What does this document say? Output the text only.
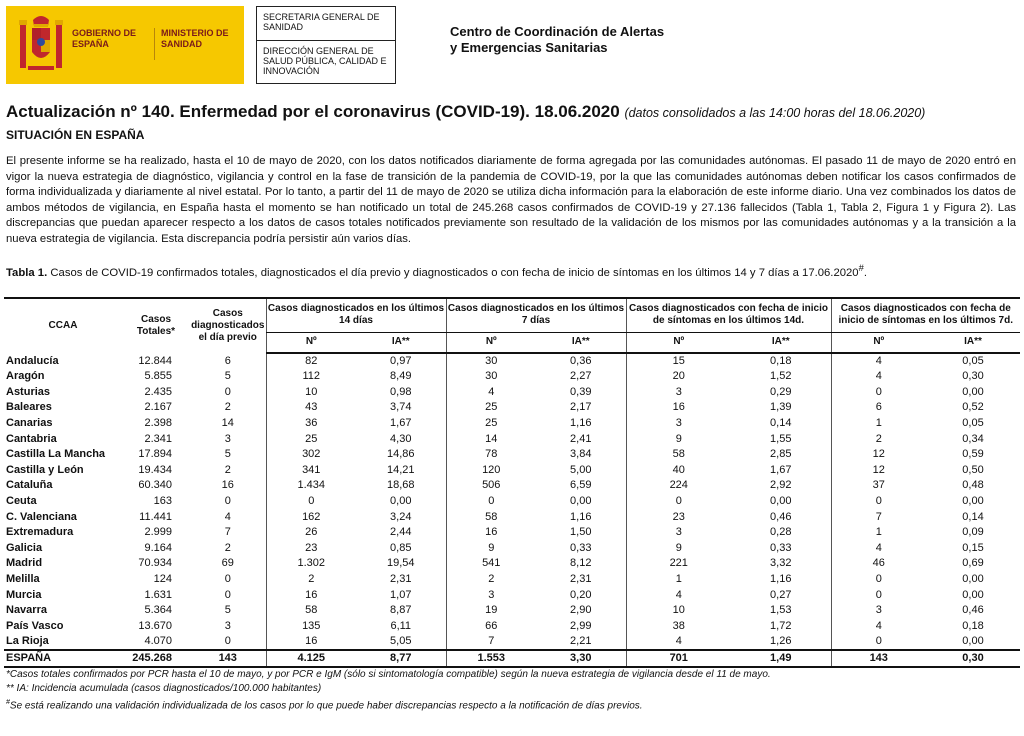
GOBIERNO DE ESPAÑA
MINISTERIO DE SANIDAD
SECRETARIA GENERAL DE SANIDAD
DIRECCIÓN GENERAL DE SALUD PÚBLICA, CALIDAD E INNOVACIÓN
Centro de Coordinación de Alertas y Emergencias Sanitarias
Actualización nº 140. Enfermedad por el coronavirus (COVID-19). 18.06.2020 (datos consolidados a las 14:00 horas del 18.06.2020)
SITUACIÓN EN ESPAÑA
El presente informe se ha realizado, hasta el 10 de mayo de 2020, con los datos notificados diariamente de forma agregada por las comunidades autónomas. El pasado 11 de mayo de 2020 entró en vigor la nueva estrategia de diagnóstico, vigilancia y control en la fase de transición de la pandemia de COVID-19, por la que las comunidades autónomas deben notificar los casos confirmados de forma individualizada y diariamente al nivel estatal. Por lo tanto, a partir del 11 de mayo de 2020 se utiliza dicha información para la elaboración de este informe diario. Una vez combinados los datos de ambos métodos de vigilancia, en España hasta el momento se han notificado un total de 245.268 casos confirmados de COVID-19 y 27.136 fallecidos (Tabla 1, Tabla 2, Figura 1 y Figura 2). Las discrepancias que puedan aparecer respecto a los datos de casos totales notificados previamente son resultado de la validación de los mismos por las comunidades autónomas y a la transición a la nueva estrategia de vigilancia. Esta discrepancia podría persistir aún varios días.
Tabla 1. Casos de COVID-19 confirmados totales, diagnosticados el día previo y diagnosticados o con fecha de inicio de síntomas en los últimos 14 y 7 días a 17.06.2020#.
CCAA	Casos Totales*	Casos diagnosticados el día previo	Casos diagnosticados en los últimos 14 días		Casos diagnosticados en los últimos 7 días		Casos diagnosticados con fecha de inicio de síntomas en los últimos 14d.		Casos diagnosticados con fecha de inicio de síntomas en los últimos 7d.	
			Nº	IA**	Nº	IA**	Nº	IA**	Nº	IA**
Andalucía	12.844	6	82	0,97	30	0,36	15	0,18	4	0,05
Aragón	5.855	5	112	8,49	30	2,27	20	1,52	4	0,30
Asturias	2.435	0	10	0,98	4	0,39	3	0,29	0	0,00
Baleares	2.167	2	43	3,74	25	2,17	16	1,39	6	0,52
Canarias	2.398	14	36	1,67	25	1,16	3	0,14	1	0,05
Cantabria	2.341	3	25	4,30	14	2,41	9	1,55	2	0,34
Castilla La Mancha	17.894	5	302	14,86	78	3,84	58	2,85	12	0,59
Castilla y León	19.434	2	341	14,21	120	5,00	40	1,67	12	0,50
Cataluña	60.340	16	1.434	18,68	506	6,59	224	2,92	37	0,48
Ceuta	163	0	0	0,00	0	0,00	0	0,00	0	0,00
C. Valenciana	11.441	4	162	3,24	58	1,16	23	0,46	7	0,14
Extremadura	2.999	7	26	2,44	16	1,50	3	0,28	1	0,09
Galicia	9.164	2	23	0,85	9	0,33	9	0,33	4	0,15
Madrid	70.934	69	1.302	19,54	541	8,12	221	3,32	46	0,69
Melilla	124	0	2	2,31	2	2,31	1	1,16	0	0,00
Murcia	1.631	0	16	1,07	3	0,20	4	0,27	0	0,00
Navarra	5.364	5	58	8,87	19	2,90	10	1,53	3	0,46
País Vasco	13.670	3	135	6,11	66	2,99	38	1,72	4	0,18
La Rioja	4.070	0	16	5,05	7	2,21	4	1,26	0	0,00
ESPAÑA	245.268	143	4.125	8,77	1.553	3,30	701	1,49	143	0,30
*Casos totales confirmados por PCR hasta el 10 de mayo, y por PCR e IgM (sólo si sintomatología compatible) según la nueva estrategia de vigilancia desde el 11 de mayo.
** IA: Incidencia acumulada (casos diagnosticados/100.000 habitantes)
#Se está realizando una validación individualizada de los casos por lo que puede haber discrepancias respecto a la notificación de días previos.
